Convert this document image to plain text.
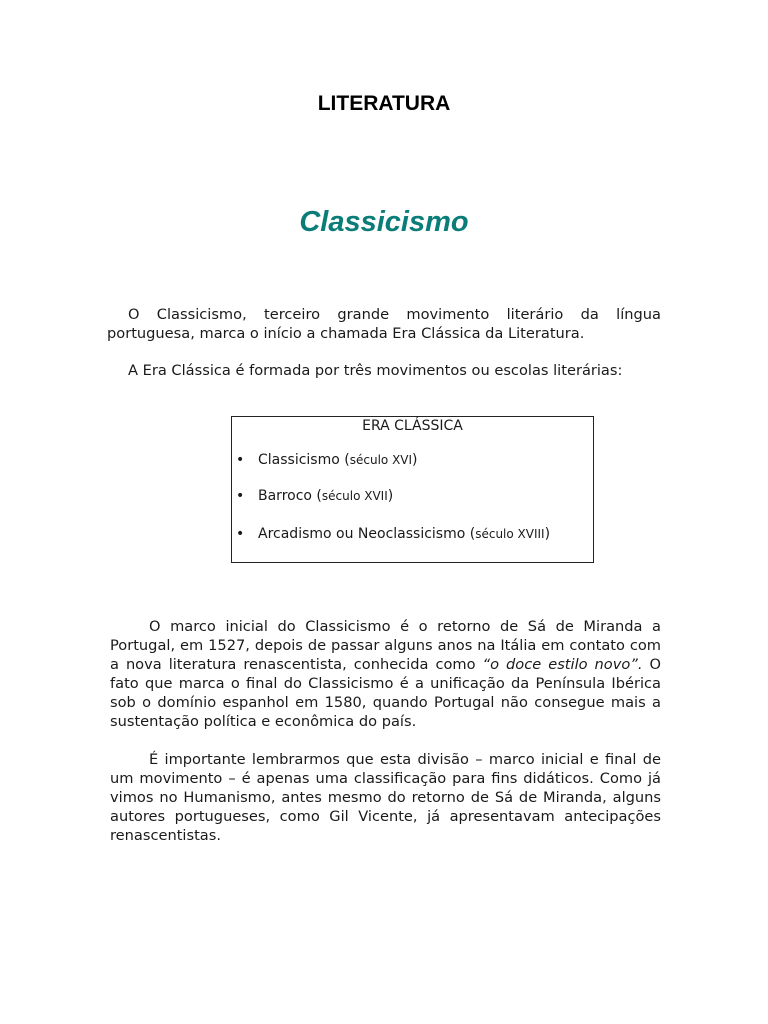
LITERATURA
Classicismo

O Classicismo, terceiro grande movimento literário da língua portuguesa, marca o início a chamada Era Clássica da Literatura.

A Era Clássica é formada por três movimentos ou escolas literárias:

ERA CLÁSSICA
• Classicismo (século XVI)
• Barroco (século XVII)
• Arcadismo ou Neoclassicismo (século XVIII)

O marco inicial do Classicismo é o retorno de Sá de Miranda a Portugal, em 1527, depois de passar alguns anos na Itália em contato com a nova literatura renascentista, conhecida como “o doce estilo novo”. O fato que marca o final do Classicismo é a unificação da Península Ibérica sob o domínio espanhol em 1580, quando Portugal não consegue mais a sustentação política e econômica do país.

É importante lembrarmos que esta divisão – marco inicial e final de um movimento – é apenas uma classificação para fins didáticos. Como já vimos no Humanismo, antes mesmo do retorno de Sá de Miranda, alguns autores portugueses, como Gil Vicente, já apresentavam antecipações renascentistas.
